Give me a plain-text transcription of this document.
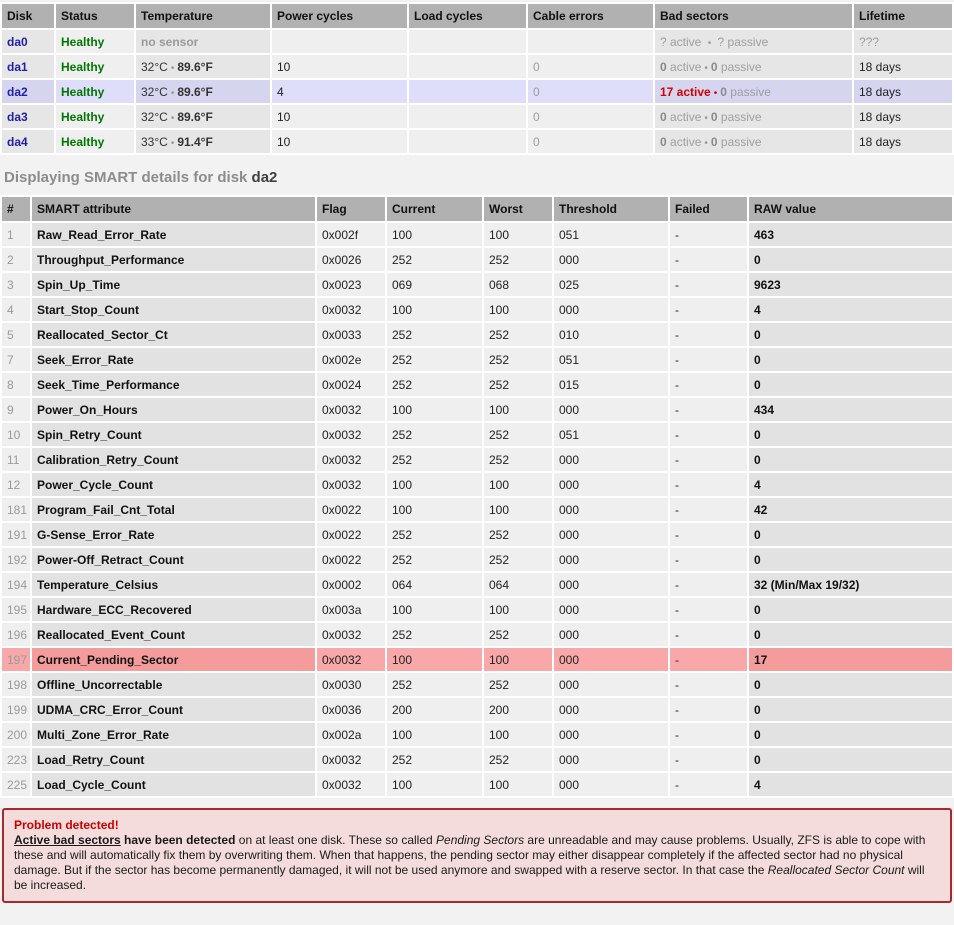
Disk	Status	Temperature	Power cycles	Load cycles	Cable errors	Bad sectors	Lifetime
da0	Healthy	no sensor				? active • ? passive	???
da1	Healthy	32°C • 89.6°F	10		0	0 active • 0 passive	18 days
da2	Healthy	32°C • 89.6°F	4		0	17 active • 0 passive	18 days
da3	Healthy	32°C • 89.6°F	10		0	0 active • 0 passive	18 days
da4	Healthy	33°C • 91.4°F	10		0	0 active • 0 passive	18 days
Displaying SMART details for disk da2
#	SMART attribute	Flag	Current	Worst	Threshold	Failed	RAW value
1	Raw_Read_Error_Rate	0x002f	100	100	051	-	463
2	Throughput_Performance	0x0026	252	252	000	-	0
3	Spin_Up_Time	0x0023	069	068	025	-	9623
4	Start_Stop_Count	0x0032	100	100	000	-	4
5	Reallocated_Sector_Ct	0x0033	252	252	010	-	0
7	Seek_Error_Rate	0x002e	252	252	051	-	0
8	Seek_Time_Performance	0x0024	252	252	015	-	0
9	Power_On_Hours	0x0032	100	100	000	-	434
10	Spin_Retry_Count	0x0032	252	252	051	-	0
11	Calibration_Retry_Count	0x0032	252	252	000	-	0
12	Power_Cycle_Count	0x0032	100	100	000	-	4
181	Program_Fail_Cnt_Total	0x0022	100	100	000	-	42
191	G-Sense_Error_Rate	0x0022	252	252	000	-	0
192	Power-Off_Retract_Count	0x0022	252	252	000	-	0
194	Temperature_Celsius	0x0002	064	064	000	-	32 (Min/Max 19/32)
195	Hardware_ECC_Recovered	0x003a	100	100	000	-	0
196	Reallocated_Event_Count	0x0032	252	252	000	-	0
197	Current_Pending_Sector	0x0032	100	100	000	-	17
198	Offline_Uncorrectable	0x0030	252	252	000	-	0
199	UDMA_CRC_Error_Count	0x0036	200	200	000	-	0
200	Multi_Zone_Error_Rate	0x002a	100	100	000	-	0
223	Load_Retry_Count	0x0032	252	252	000	-	0
225	Load_Cycle_Count	0x0032	100	100	000	-	4
Problem detected!
Active bad sectors have been detected on at least one disk. These so called Pending Sectors are unreadable and may cause problems. Usually, ZFS is able to cope with these and will automatically fix them by overwriting them. When that happens, the pending sector may either disappear completely if the affected sector had no physical damage. But if the sector has become permanently damaged, it will not be used anymore and swapped with a reserve sector. In that case the Reallocated Sector Count will be increased.
